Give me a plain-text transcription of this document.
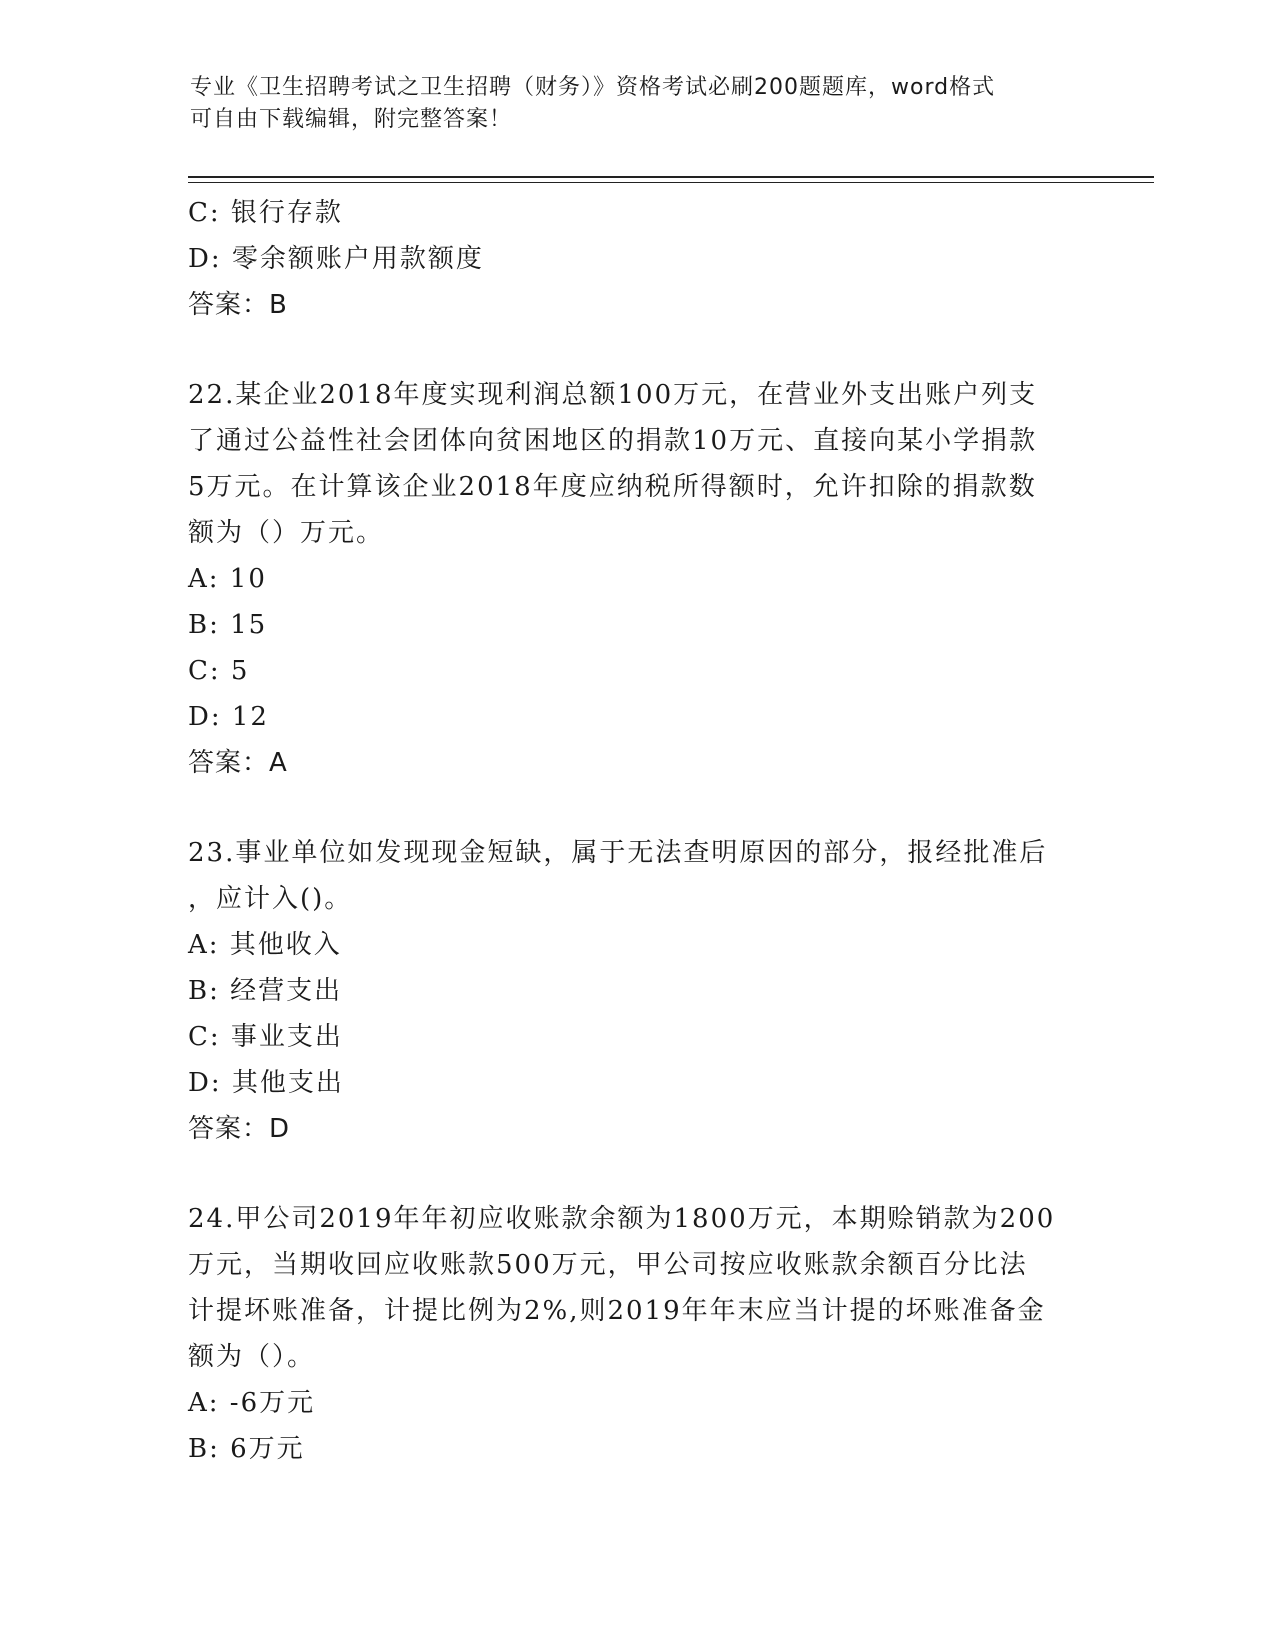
专业《卫生招聘考试之卫生招聘（财务）》资格考试必刷200题题库，word格式
可自由下载编辑，附完整答案！
C: 银行存款
D: 零余额账户用款额度
答案：B
22.某企业2018年度实现利润总额100万元，在营业外支出账户列支
了通过公益性社会团体向贫困地区的捐款10万元、直接向某小学捐款
5万元。在计算该企业2018年度应纳税所得额时，允许扣除的捐款数
额为（）万元。
A: 10
B: 15
C: 5
D: 12
答案：A
23.事业单位如发现现金短缺，属于无法查明原因的部分，报经批准后
，应计入()。
A: 其他收入
B: 经营支出
C: 事业支出
D: 其他支出
答案：D
24.甲公司2019年年初应收账款余额为1800万元，本期赊销款为200
万元，当期收回应收账款500万元，甲公司按应收账款余额百分比法
计提坏账准备，计提比例为2%,则2019年年末应当计提的坏账准备金
额为（）。
A: -6万元
B: 6万元
